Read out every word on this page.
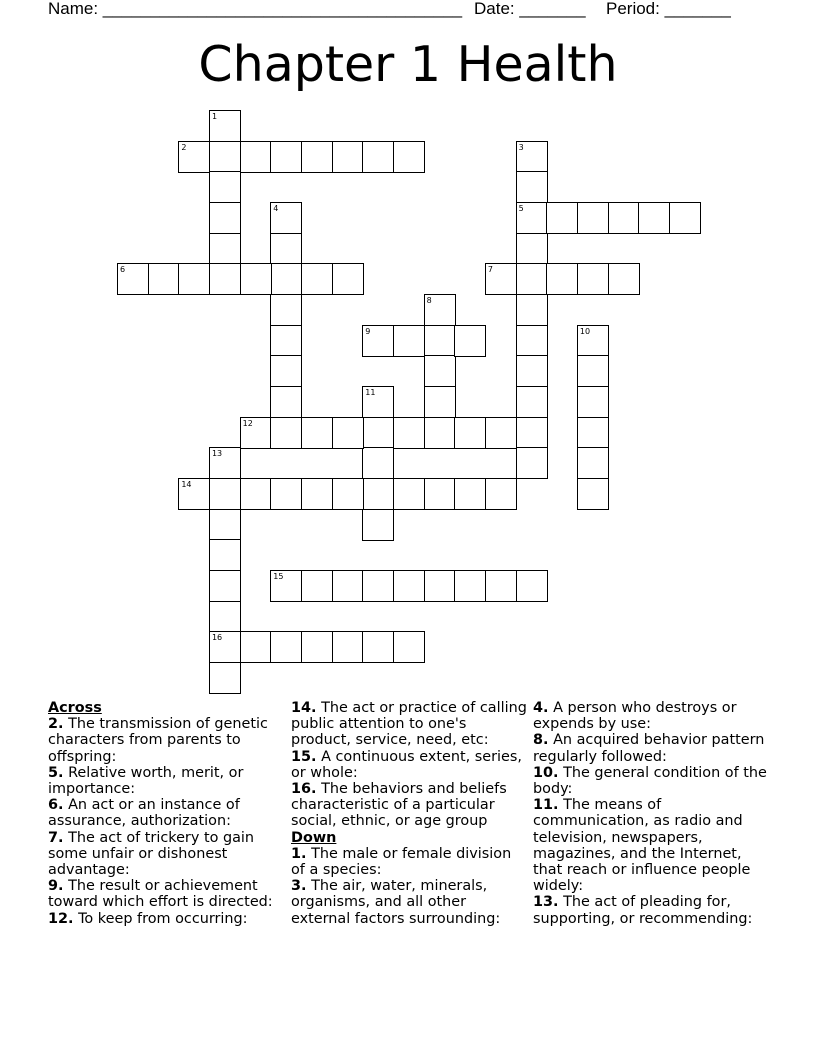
Name: ______________________________________ Date: _______ Period: _______
Chapter 1 Health
1
2	3
5
4
6	7
8
9	10
11
12
13
16
14
15
Across
2. The transmission of genetic characters from parents to offspring:
5. Relative worth, merit, or importance:
6. An act or an instance of assurance, authorization:
7. The act of trickery to gain some unfair or dishonest advantage:
9. The result or achievement toward which effort is directed:
12. To keep from occurring:
14. The act or practice of calling public attention to one's product, service, need, etc:
15. A continuous extent, series, or whole:
16. The behaviors and beliefs characteristic of a particular social, ethnic, or age group
Down
1. The male or female division of a species:
3. The air, water, minerals, organisms, and all other external factors surrounding:
4. A person who destroys or expends by use:
8. An acquired behavior pattern regularly followed:
10. The general condition of the body:
11. The means of communication, as radio and television, newspapers, magazines, and the Internet, that reach or influence people widely:
13. The act of pleading for, supporting, or recommending:
